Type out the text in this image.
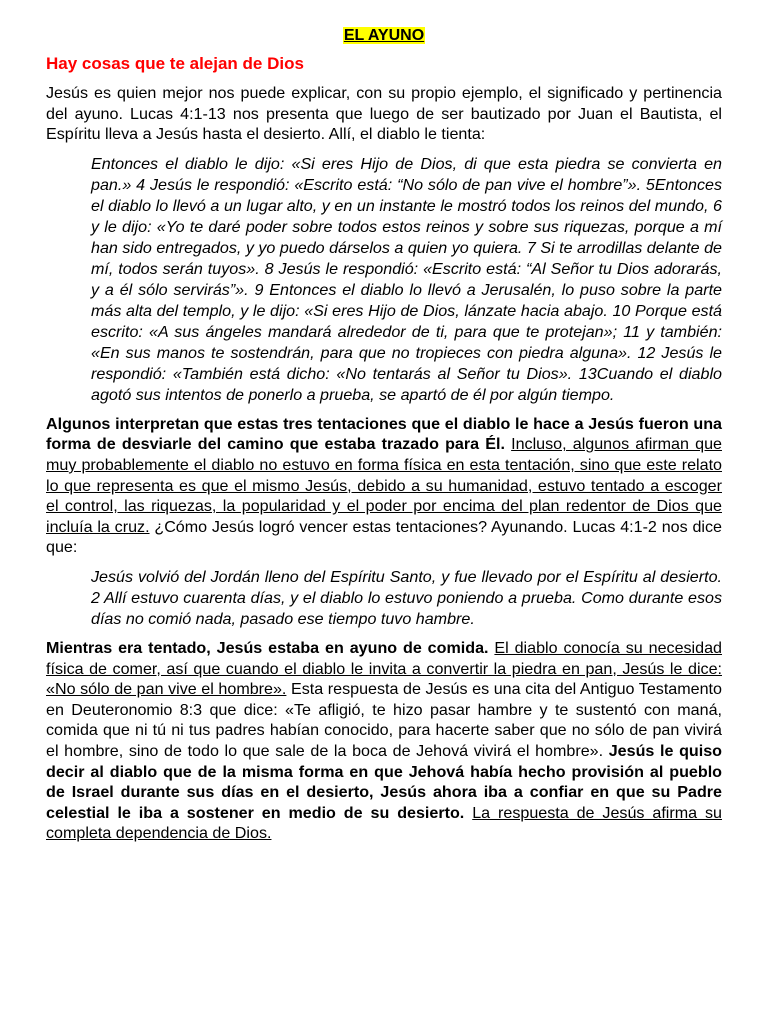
EL AYUNO
Hay cosas que te alejan de Dios

Jesús es quien mejor nos puede explicar, con su propio ejemplo, el significado y pertinencia del ayuno. Lucas 4:1-13 nos presenta que luego de ser bautizado por Juan el Bautista, el Espíritu lleva a Jesús hasta el desierto. Allí, el diablo le tienta:

Entonces el diablo le dijo: «Si eres Hijo de Dios, di que esta piedra se convierta en pan.» 4 Jesús le respondió: «Escrito está: “No sólo de pan vive el hombre”». 5Entonces el diablo lo llevó a un lugar alto, y en un instante le mostró todos los reinos del mundo, 6 y le dijo: «Yo te daré poder sobre todos estos reinos y sobre sus riquezas, porque a mí han sido entregados, y yo puedo dárselos a quien yo quiera. 7 Si te arrodillas delante de mí, todos serán tuyos». 8 Jesús le respondió: «Escrito está: “Al Señor tu Dios adorarás, y a él sólo servirás”». 9 Entonces el diablo lo llevó a Jerusalén, lo puso sobre la parte más alta del templo, y le dijo: «Si eres Hijo de Dios, lánzate hacia abajo. 10 Porque está escrito: «A sus ángeles mandará alrededor de ti, para que te protejan»; 11 y también: «En sus manos te sostendrán, para que no tropieces con piedra alguna». 12 Jesús le respondió: «También está dicho: «No tentarás al Señor tu Dios». 13Cuando el diablo agotó sus intentos de ponerlo a prueba, se apartó de él por algún tiempo.

Algunos interpretan que estas tres tentaciones que el diablo le hace a Jesús fueron una forma de desviarle del camino que estaba trazado para Él. Incluso, algunos afirman que muy probablemente el diablo no estuvo en forma física en esta tentación, sino que este relato lo que representa es que el mismo Jesús, debido a su humanidad, estuvo tentado a escoger el control, las riquezas, la popularidad y el poder por encima del plan redentor de Dios que incluía la cruz. ¿Cómo Jesús logró vencer estas tentaciones? Ayunando. Lucas 4:1-2 nos dice que:

Jesús volvió del Jordán lleno del Espíritu Santo, y fue llevado por el Espíritu al desierto. 2 Allí estuvo cuarenta días, y el diablo lo estuvo poniendo a prueba. Como durante esos días no comió nada, pasado ese tiempo tuvo hambre.

Mientras era tentado, Jesús estaba en ayuno de comida. El diablo conocía su necesidad física de comer, así que cuando el diablo le invita a convertir la piedra en pan, Jesús le dice: «No sólo de pan vive el hombre». Esta respuesta de Jesús es una cita del Antiguo Testamento en Deuteronomio 8:3 que dice: «Te afligió, te hizo pasar hambre y te sustentó con maná, comida que ni tú ni tus padres habían conocido, para hacerte saber que no sólo de pan vivirá el hombre, sino de todo lo que sale de la boca de Jehová vivirá el hombre». Jesús le quiso decir al diablo que de la misma forma en que Jehová había hecho provisión al pueblo de Israel durante sus días en el desierto, Jesús ahora iba a confiar en que su Padre celestial le iba a sostener en medio de su desierto. La respuesta de Jesús afirma su completa dependencia de Dios.
